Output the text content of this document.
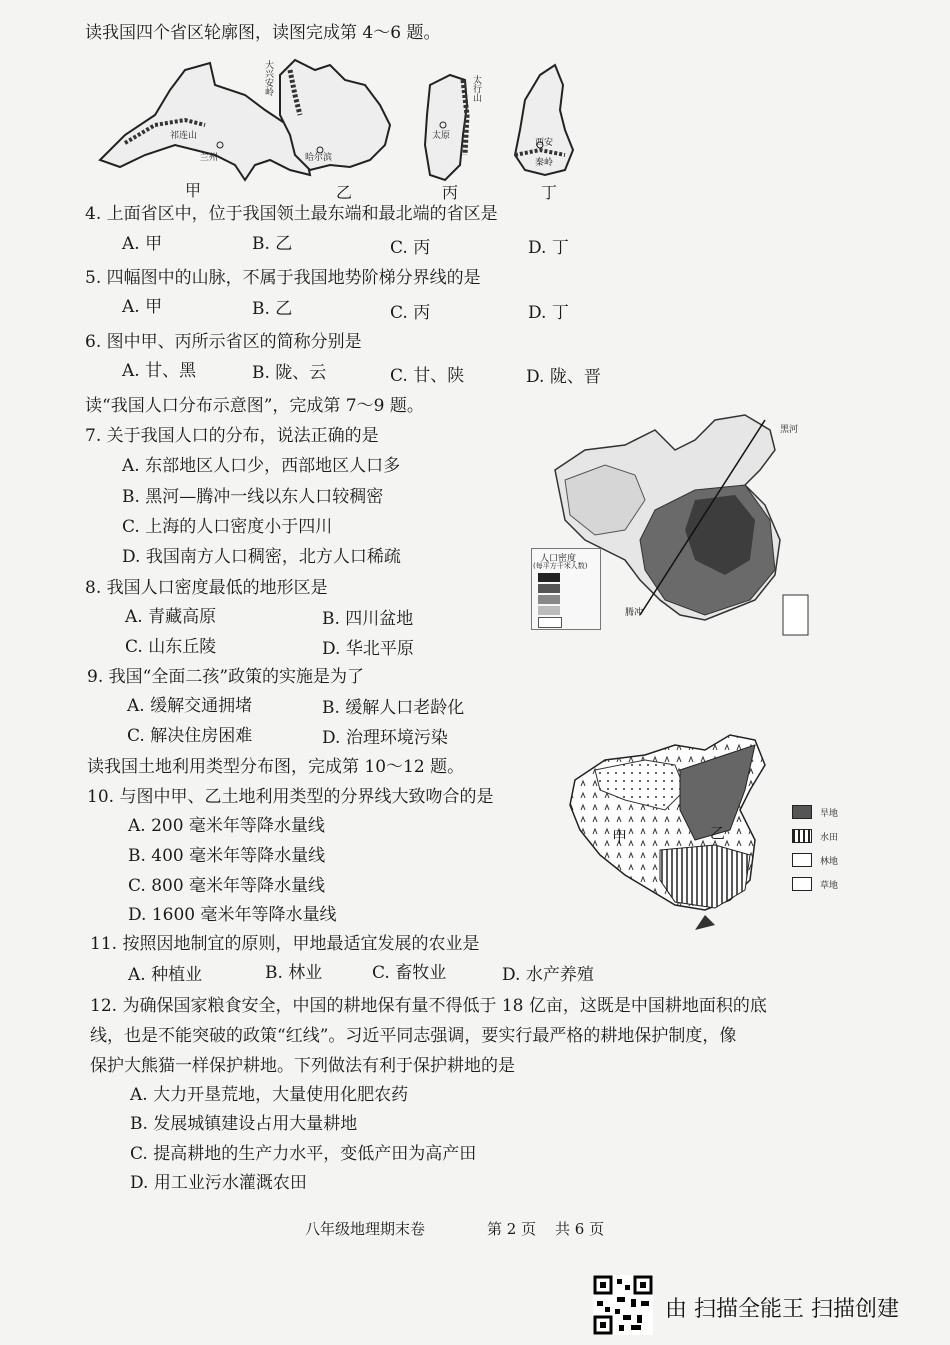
读我国四个省区轮廓图，读图完成第 4～6 题。
兰州
祁连山
大兴安岭
哈尔滨
太行山
太原
西安
秦岭
甲	乙	丙	丁
4. 上面省区中，位于我国领土最东端和最北端的省区是
A. 甲	B. 乙	C. 丙	D. 丁
5. 四幅图中的山脉，不属于我国地势阶梯分界线的是
A. 甲	B. 乙	C. 丙	D. 丁
6. 图中甲、丙所示省区的简称分别是
A. 甘、黑	B. 陇、云	C. 甘、陕	D. 陇、晋
读“我国人口分布示意图”，完成第 7～9 题。
7. 关于我国人口的分布，说法正确的是
A. 东部地区人口少，西部地区人口多
B. 黑河—腾冲一线以东人口较稠密
C. 上海的人口密度小于四川
D. 我国南方人口稠密，北方人口稀疏
黑河
腾冲
人口密度
(每平方千米人数)
8. 我国人口密度最低的地形区是
A. 青藏高原	B. 四川盆地
C. 山东丘陵	D. 华北平原
9. 我国“全面二孩”政策的实施是为了
A. 缓解交通拥堵	B. 缓解人口老龄化
C. 解决住房困难	D. 治理环境污染
读我国土地利用类型分布图，完成第 10～12 题。
甲	乙
旱地
水田
林地
草地
10. 与图中甲、乙土地利用类型的分界线大致吻合的是
A. 200 毫米年等降水量线
B. 400 毫米年等降水量线
C. 800 毫米年等降水量线
D. 1600 毫米年等降水量线
11. 按照因地制宜的原则，甲地最适宜发展的农业是
A. 种植业	B. 林业	C. 畜牧业	D. 水产养殖
12. 为确保国家粮食安全，中国的耕地保有量不得低于 18 亿亩，这既是中国耕地面积的底
线，也是不能突破的政策“红线”。习近平同志强调，要实行最严格的耕地保护制度，像
保护大熊猫一样保护耕地。下列做法有利于保护耕地的是
A. 大力开垦荒地，大量使用化肥农药
B. 发展城镇建设占用大量耕地
C. 提高耕地的生产力水平，变低产田为高产田
D. 用工业污水灌溉农田
八年级地理期末卷	第 2 页 共 6 页
由 扫描全能王 扫描创建
